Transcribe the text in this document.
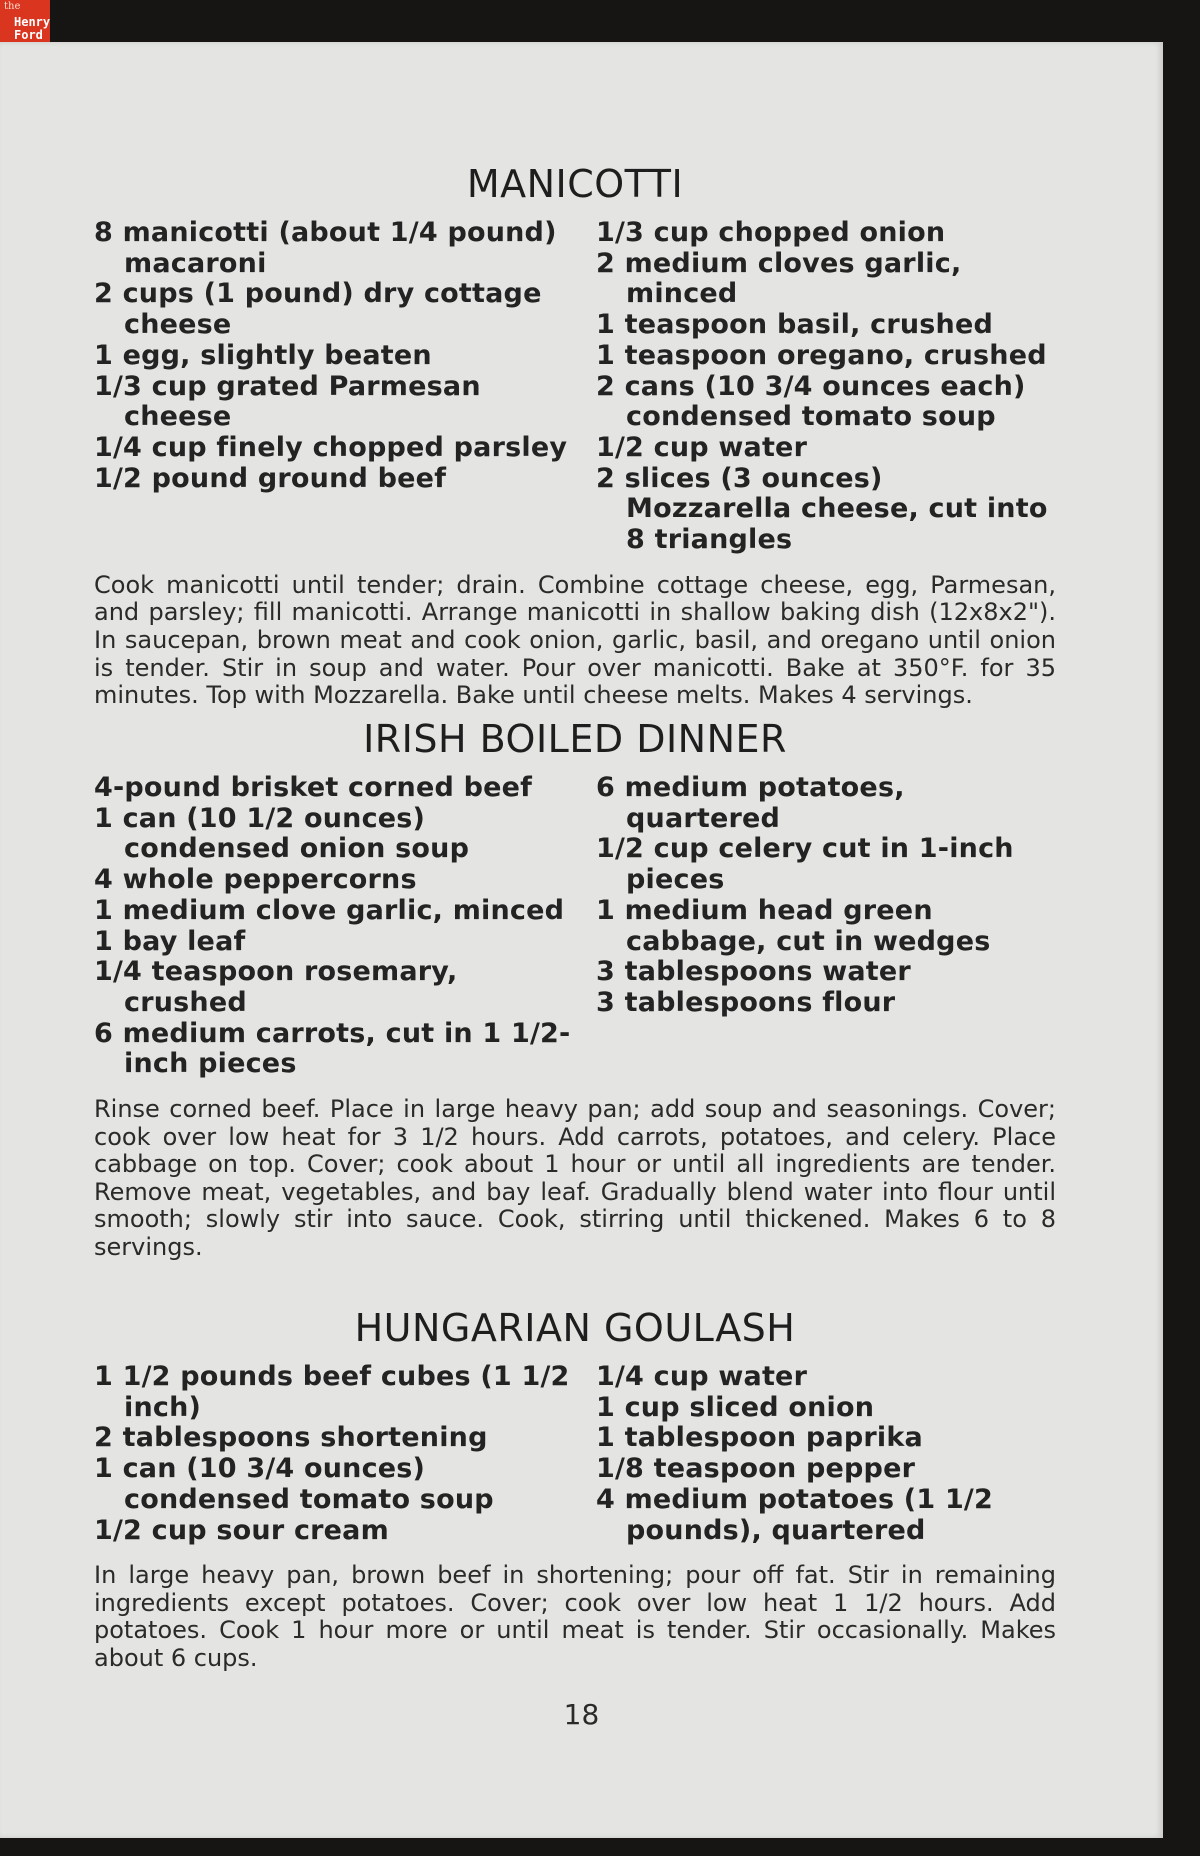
the
Henry
Ford
MANICOTTI
8 manicotti (about 1/4 pound) macaroni
2 cups (1 pound) dry cottage cheese
1 egg, slightly beaten
1/3 cup grated Parmesan cheese
1/4 cup finely chopped parsley
1/2 pound ground beef
1/3 cup chopped onion
2 medium cloves garlic, minced
1 teaspoon basil, crushed
1 teaspoon oregano, crushed
2 cans (10 3/4 ounces each) condensed tomato soup
1/2 cup water
2 slices (3 ounces) Mozzarella cheese, cut into 8 triangles

Cook manicotti until tender; drain. Combine cottage cheese, egg, Parmesan, and parsley; fill manicotti. Arrange manicotti in shallow baking dish (12x8x2"). In saucepan, brown meat and cook onion, garlic, basil, and oregano until onion is tender. Stir in soup and water. Pour over manicotti. Bake at 350°F. for 35 minutes. Top with Mozzarella. Bake until cheese melts. Makes 4 servings.

IRISH BOILED DINNER
4-pound brisket corned beef
1 can (10 1/2 ounces) condensed onion soup
4 whole peppercorns
1 medium clove garlic, minced
1 bay leaf
1/4 teaspoon rosemary, crushed
6 medium carrots, cut in 1 1/2-inch pieces
6 medium potatoes, quartered
1/2 cup celery cut in 1-inch pieces
1 medium head green cabbage, cut in wedges
3 tablespoons water
3 tablespoons flour

Rinse corned beef. Place in large heavy pan; add soup and seasonings. Cover; cook over low heat for 3 1/2 hours. Add carrots, potatoes, and celery. Place cabbage on top. Cover; cook about 1 hour or until all ingredients are tender. Remove meat, vegetables, and bay leaf. Gradually blend water into flour until smooth; slowly stir into sauce. Cook, stirring until thickened. Makes 6 to 8 servings.

HUNGARIAN GOULASH
1 1/2 pounds beef cubes (1 1/2 inch)
2 tablespoons shortening
1 can (10 3/4 ounces) condensed tomato soup
1/2 cup sour cream
1/4 cup water
1 cup sliced onion
1 tablespoon paprika
1/8 teaspoon pepper
4 medium potatoes (1 1/2 pounds), quartered

In large heavy pan, brown beef in shortening; pour off fat. Stir in remaining ingredients except potatoes. Cover; cook over low heat 1 1/2 hours. Add potatoes. Cook 1 hour more or until meat is tender. Stir occasionally. Makes about 6 cups.

18
